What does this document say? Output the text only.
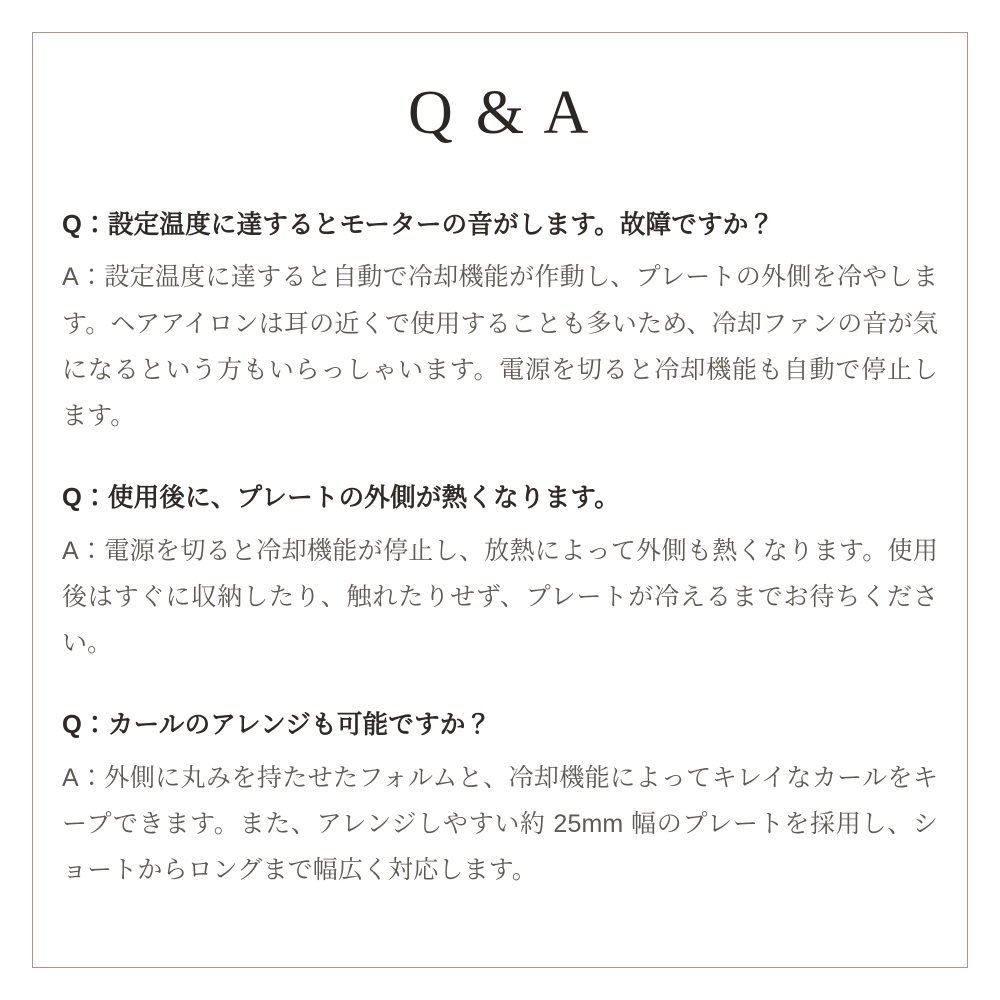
Q & A

Q：設定温度に達するとモーターの音がします。故障ですか？

A：設定温度に達すると自動で冷却機能が作動し、プレートの外側を冷やします。ヘアアイロンは耳の近くで使用することも多いため、冷却ファンの音が気になるという方もいらっしゃいます。電源を切ると冷却機能も自動で停止します。

Q：使用後に、プレートの外側が熱くなります。

A：電源を切ると冷却機能が停止し、放熱によって外側も熱くなります。使用後はすぐに収納したり、触れたりせず、プレートが冷えるまでお待ちください。

Q：カールのアレンジも可能ですか？

A：外側に丸みを持たせたフォルムと、冷却機能によってキレイなカールをキープできます。また、アレンジしやすい約 25mm 幅のプレートを採用し、ショートからロングまで幅広く対応します。
